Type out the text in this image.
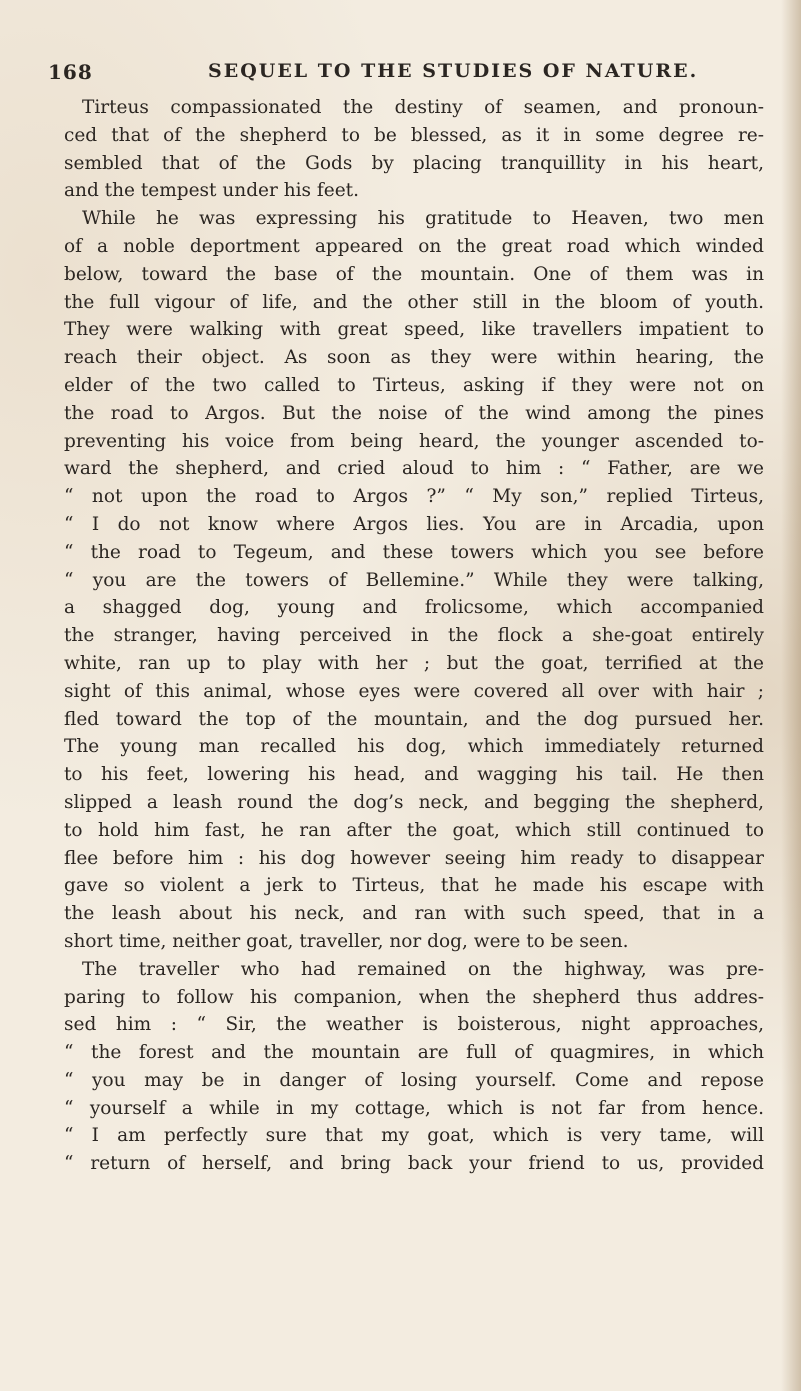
168	SEQUEL TO THE STUDIES OF NATURE.
Tirteus compassionated the destiny of seamen, and pronoun-
ced that of the shepherd to be blessed, as it in some degree re-
sembled that of the Gods by placing tranquillity in his heart,
and the tempest under his feet.
While he was expressing his gratitude to Heaven, two men
of a noble deportment appeared on the great road which winded
below, toward the base of the mountain. One of them was in
the full vigour of life, and the other still in the bloom of youth.
They were walking with great speed, like travellers impatient to
reach their object. As soon as they were within hearing, the
elder of the two called to Tirteus, asking if they were not on
the road to Argos. But the noise of the wind among the pines
preventing his voice from being heard, the younger ascended to-
ward the shepherd, and cried aloud to him : “ Father, are we
“ not upon the road to Argos ?” “ My son,” replied Tirteus,
“ I do not know where Argos lies. You are in Arcadia, upon
“ the road to Tegeum, and these towers which you see before
“ you are the towers of Bellemine.” While they were talking,
a shagged dog, young and frolicsome, which accompanied
the stranger, having perceived in the flock a she-goat entirely
white, ran up to play with her ; but the goat, terrified at the
sight of this animal, whose eyes were covered all over with hair ;
fled toward the top of the mountain, and the dog pursued her.
The young man recalled his dog, which immediately returned
to his feet, lowering his head, and wagging his tail. He then
slipped a leash round the dog’s neck, and begging the shepherd,
to hold him fast, he ran after the goat, which still continued to
flee before him : his dog however seeing him ready to disappear
gave so violent a jerk to Tirteus, that he made his escape with
the leash about his neck, and ran with such speed, that in a
short time, neither goat, traveller, nor dog, were to be seen.
The traveller who had remained on the highway, was pre-
paring to follow his companion, when the shepherd thus addres-
sed him : “ Sir, the weather is boisterous, night approaches,
“ the forest and the mountain are full of quagmires, in which
“ you may be in danger of losing yourself. Come and repose
“ yourself a while in my cottage, which is not far from hence.
“ I am perfectly sure that my goat, which is very tame, will
“ return of herself, and bring back your friend to us, provided
